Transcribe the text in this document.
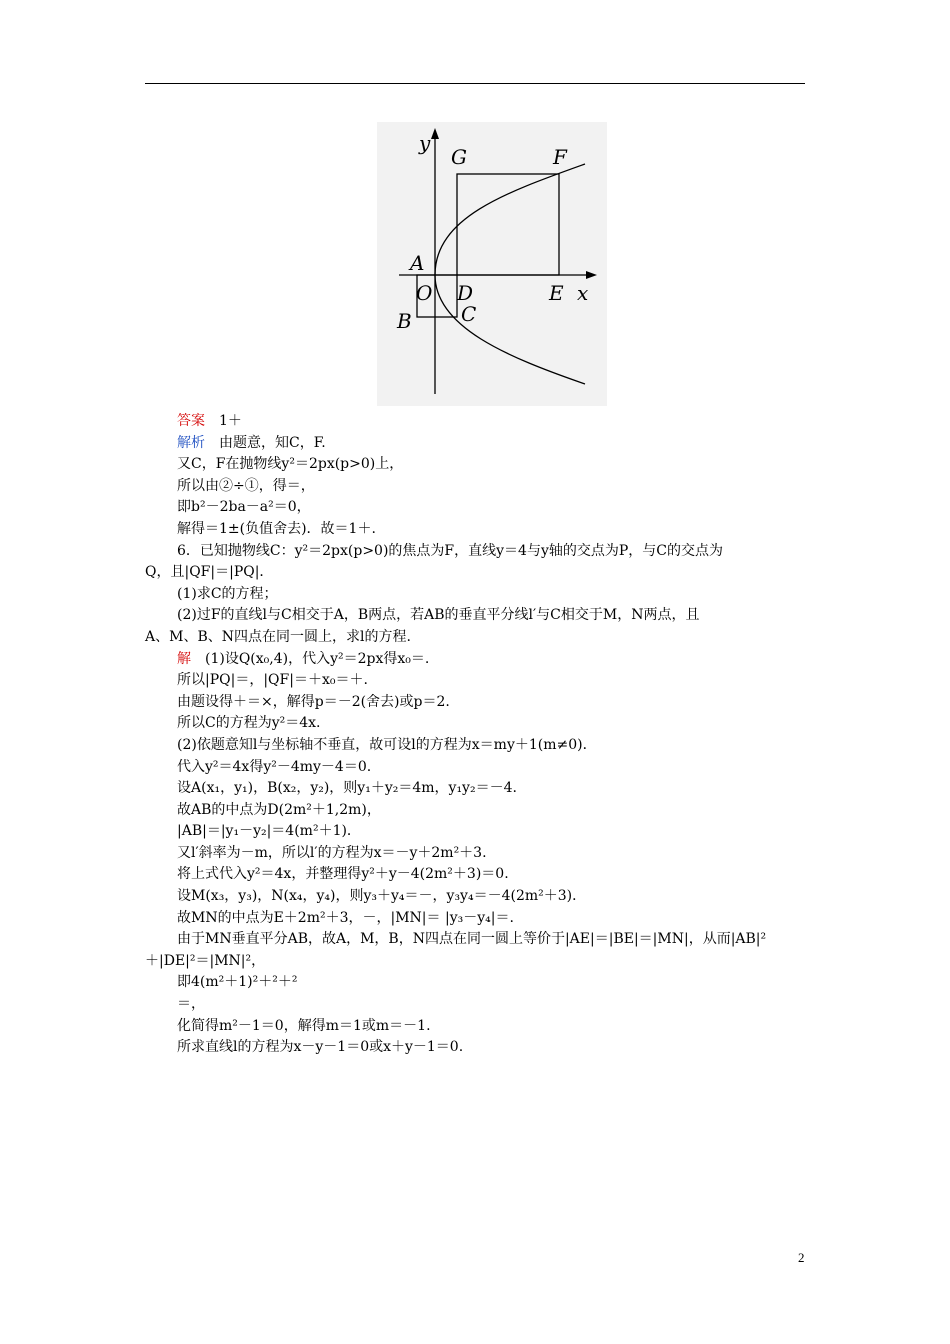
y
x
A
O
B C
D	E
F
G
答案　 1＋
解析　 由题意，知C，F.
又C，F在抛物线y²＝2px(p>0)上，
所以由②÷①，得＝，
即b²－2ba－a²＝0，
解得＝1±(负值舍去)．故＝1＋.
6．已知抛物线C：y²＝2px(p>0)的焦点为F，直线y＝4与y轴的交点为P，与C的交点为
Q，且|QF|＝|PQ|．
(1)求C的方程；
(2)过F的直线l与C相交于A，B两点，若AB的垂直平分线l′与C相交于M，N两点，且
A、M、B、N四点在同一圆上，求l的方程.
解　 (1)设Q(x₀,4)，代入y²＝2px得x₀＝.
所以|PQ|＝，|QF|＝＋x₀＝＋.
由题设得＋＝×，解得p＝－2(舍去)或p＝2.
所以C的方程为y²＝4x.
(2)依题意知l与坐标轴不垂直，故可设l的方程为x＝my＋1(m≠0)．
代入y²＝4x得y²－4my－4＝0.
设A(x₁，y₁)，B(x₂，y₂)，则y₁＋y₂＝4m，y₁y₂＝－4.
故AB的中点为D(2m²＋1,2m)，
|AB|＝|y₁－y₂|＝4(m²＋1)．
又l′斜率为－m，所以l′的方程为x＝－y＋2m²＋3.
将上式代入y²＝4x，并整理得y²＋y－4(2m²＋3)＝0.
设M(x₃，y₃)，N(x₄，y₄)，则y₃＋y₄＝－，y₃y₄＝－4(2m²＋3)．
故MN的中点为E＋2m²＋3，－，|MN|＝ |y₃－y₄|＝.
由于MN垂直平分AB，故A，M，B，N四点在同一圆上等价于|AE|＝|BE|＝|MN|，从而|AB|²
＋|DE|²＝|MN|²，
即4(m²＋1)²＋²＋²
＝，
化简得m²－1＝0，解得m＝1或m＝－1.
所求直线l的方程为x－y－1＝0或x＋y－1＝0.
2
